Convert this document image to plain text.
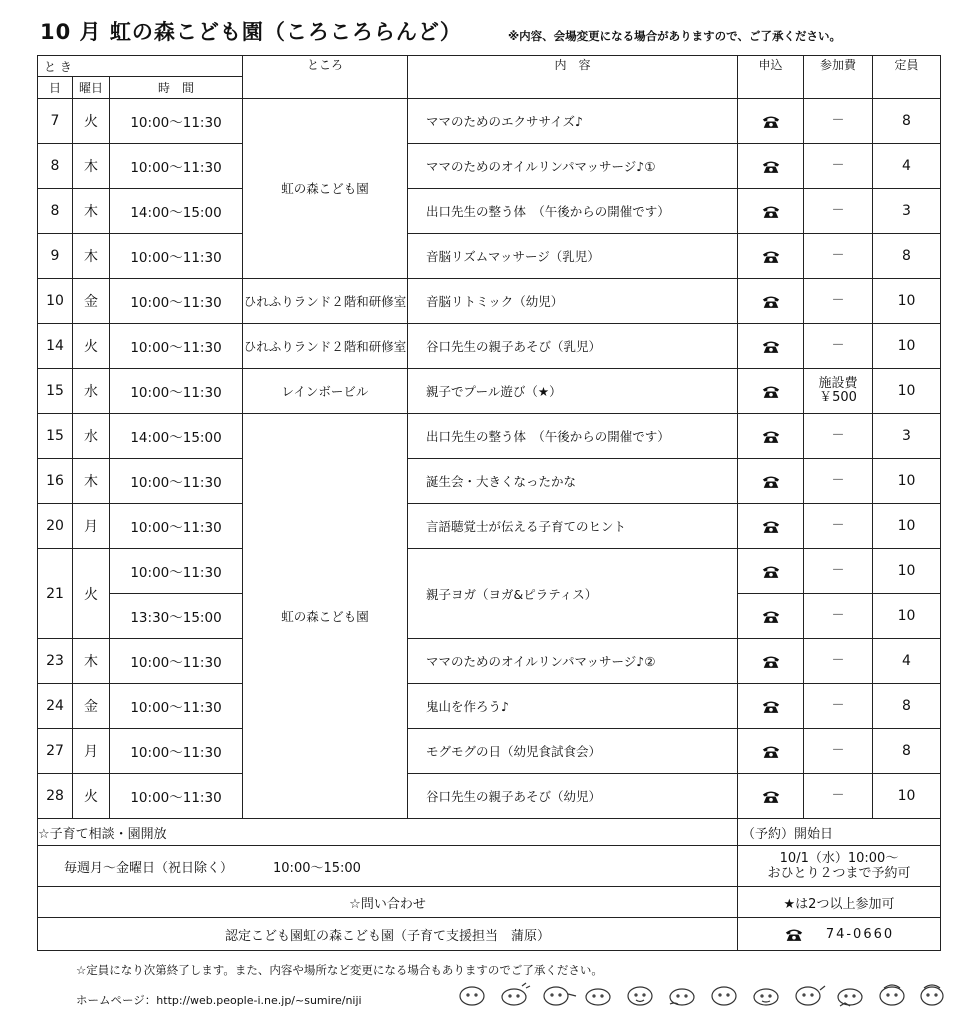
10 月 虹の森こども園（ころころらんど）	※内容、会場変更になる場合がありますので、ご了承ください。
と き			ところ	内　容	申込	参加費	定員
日	曜日	時　間					
7	火	10:00～11:30	虹の森こども園	ママのためのエクササイズ♪		－	8
8	木	10:00～11:30		ママのためのオイルリンパマッサージ♪①		－	4
8	木	14:00～15:00		出口先生の整う体　（午後からの開催です）		－	3
9	木	10:00～11:30		音脳リズムマッサージ（乳児）		－	8
10	金	10:00～11:30	ひれふりランド２階和研修室	音脳リトミック（幼児）		－	10
14	火	10:00～11:30	ひれふりランド２階和研修室	谷口先生の親子あそび（乳児）		－	10
15	水	10:00～11:30	レインボービル	親子でプール遊び（★）		施設費 ￥500	10
15	水	14:00～15:00	虹の森こども園	出口先生の整う体　（午後からの開催です）		－	3
16	木	10:00～11:30		誕生会・大きくなったかな		－	10
20	月	10:00～11:30		言語聴覚士が伝える子育てのヒント		－	10
21	火	10:00～11:30		親子ヨガ（ヨガ&ピラティス）		－	10
		13:30～15:00				－	10
23	木	10:00～11:30		ママのためのオイルリンパマッサージ♪②		－	4
24	金	10:00～11:30		鬼山を作ろう♪		－	8
27	月	10:00～11:30		モグモグの日（幼児食試食会）		－	8
28	火	10:00～11:30		谷口先生の親子あそび（幼児）		－	10
☆子育て相談・園開放					（予約）開始日		
毎週月～金曜日（祝日除く） 10:00～15:00					10/1（水）10:00～
おひとり２つまで予約可		

☆問い合わせ					★は2つ以上参加可		
認定こども園虹の森こども園（子育て支援担当　蒲原）					74-0660		
☆定員になり次第終了します。また、内容や場所など変更になる場合もありますのでご了承ください。
ホームページ：http://web.people-i.ne.jp/~sumire/niji
